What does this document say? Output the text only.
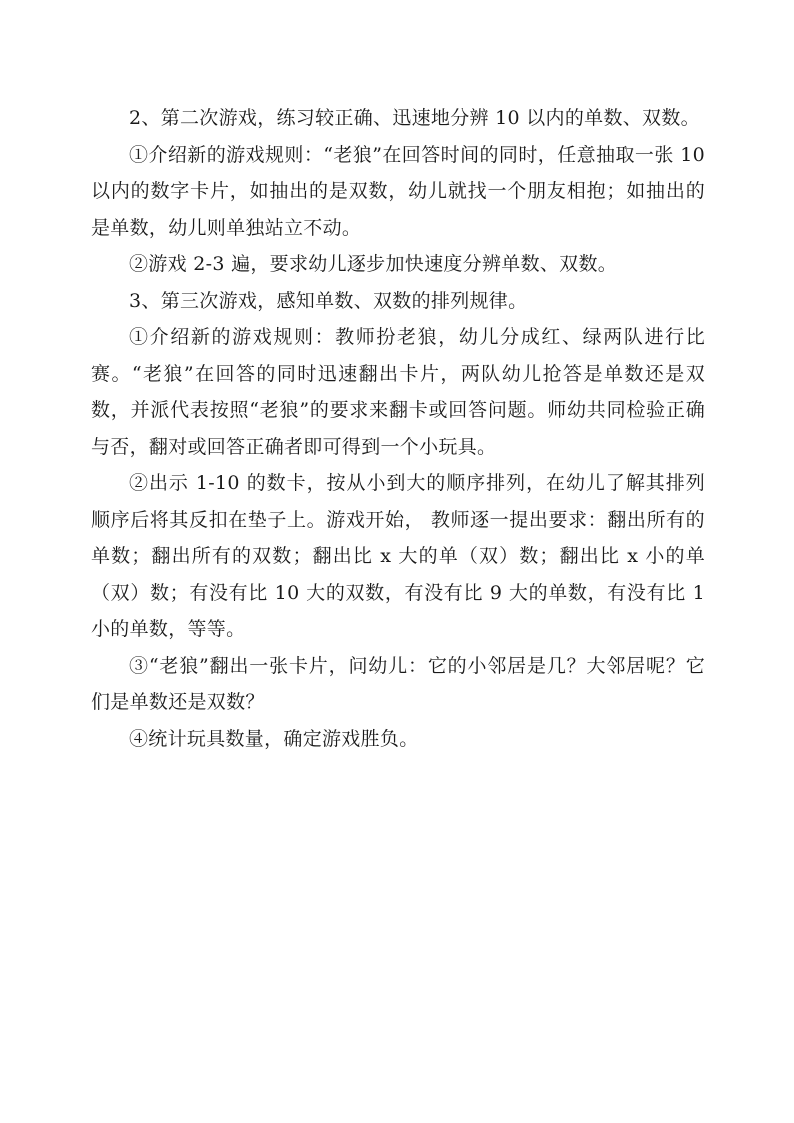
2、第二次游戏，练习较正确、迅速地分辨 10 以内的单数、双数。

①介绍新的游戏规则：“老狼”在回答时间的同时，任意抽取一张 10 以内的数字卡片，如抽出的是双数，幼儿就找一个朋友相抱；如抽出的是单数，幼儿则单独站立不动。

②游戏 2-3 遍，要求幼儿逐步加快速度分辨单数、双数。

3、第三次游戏，感知单数、双数的排列规律。

①介绍新的游戏规则：教师扮老狼，幼儿分成红、绿两队进行比赛。“老狼”在回答的同时迅速翻出卡片，两队幼儿抢答是单数还是双数，并派代表按照“老狼”的要求来翻卡或回答问题。师幼共同检验正确与否，翻对或回答正确者即可得到一个小玩具。

②出示 1-10 的数卡，按从小到大的顺序排列，在幼儿了解其排列顺序后将其反扣在垫子上。游戏开始， 教师逐一提出要求：翻出所有的单数；翻出所有的双数；翻出比 x 大的单（双）数；翻出比 x 小的单（双）数；有没有比 10 大的双数，有没有比 9 大的单数，有没有比 1 小的单数，等等。

③“老狼”翻出一张卡片，问幼儿：它的小邻居是几？大邻居呢？它们是单数还是双数？

④统计玩具数量，确定游戏胜负。
